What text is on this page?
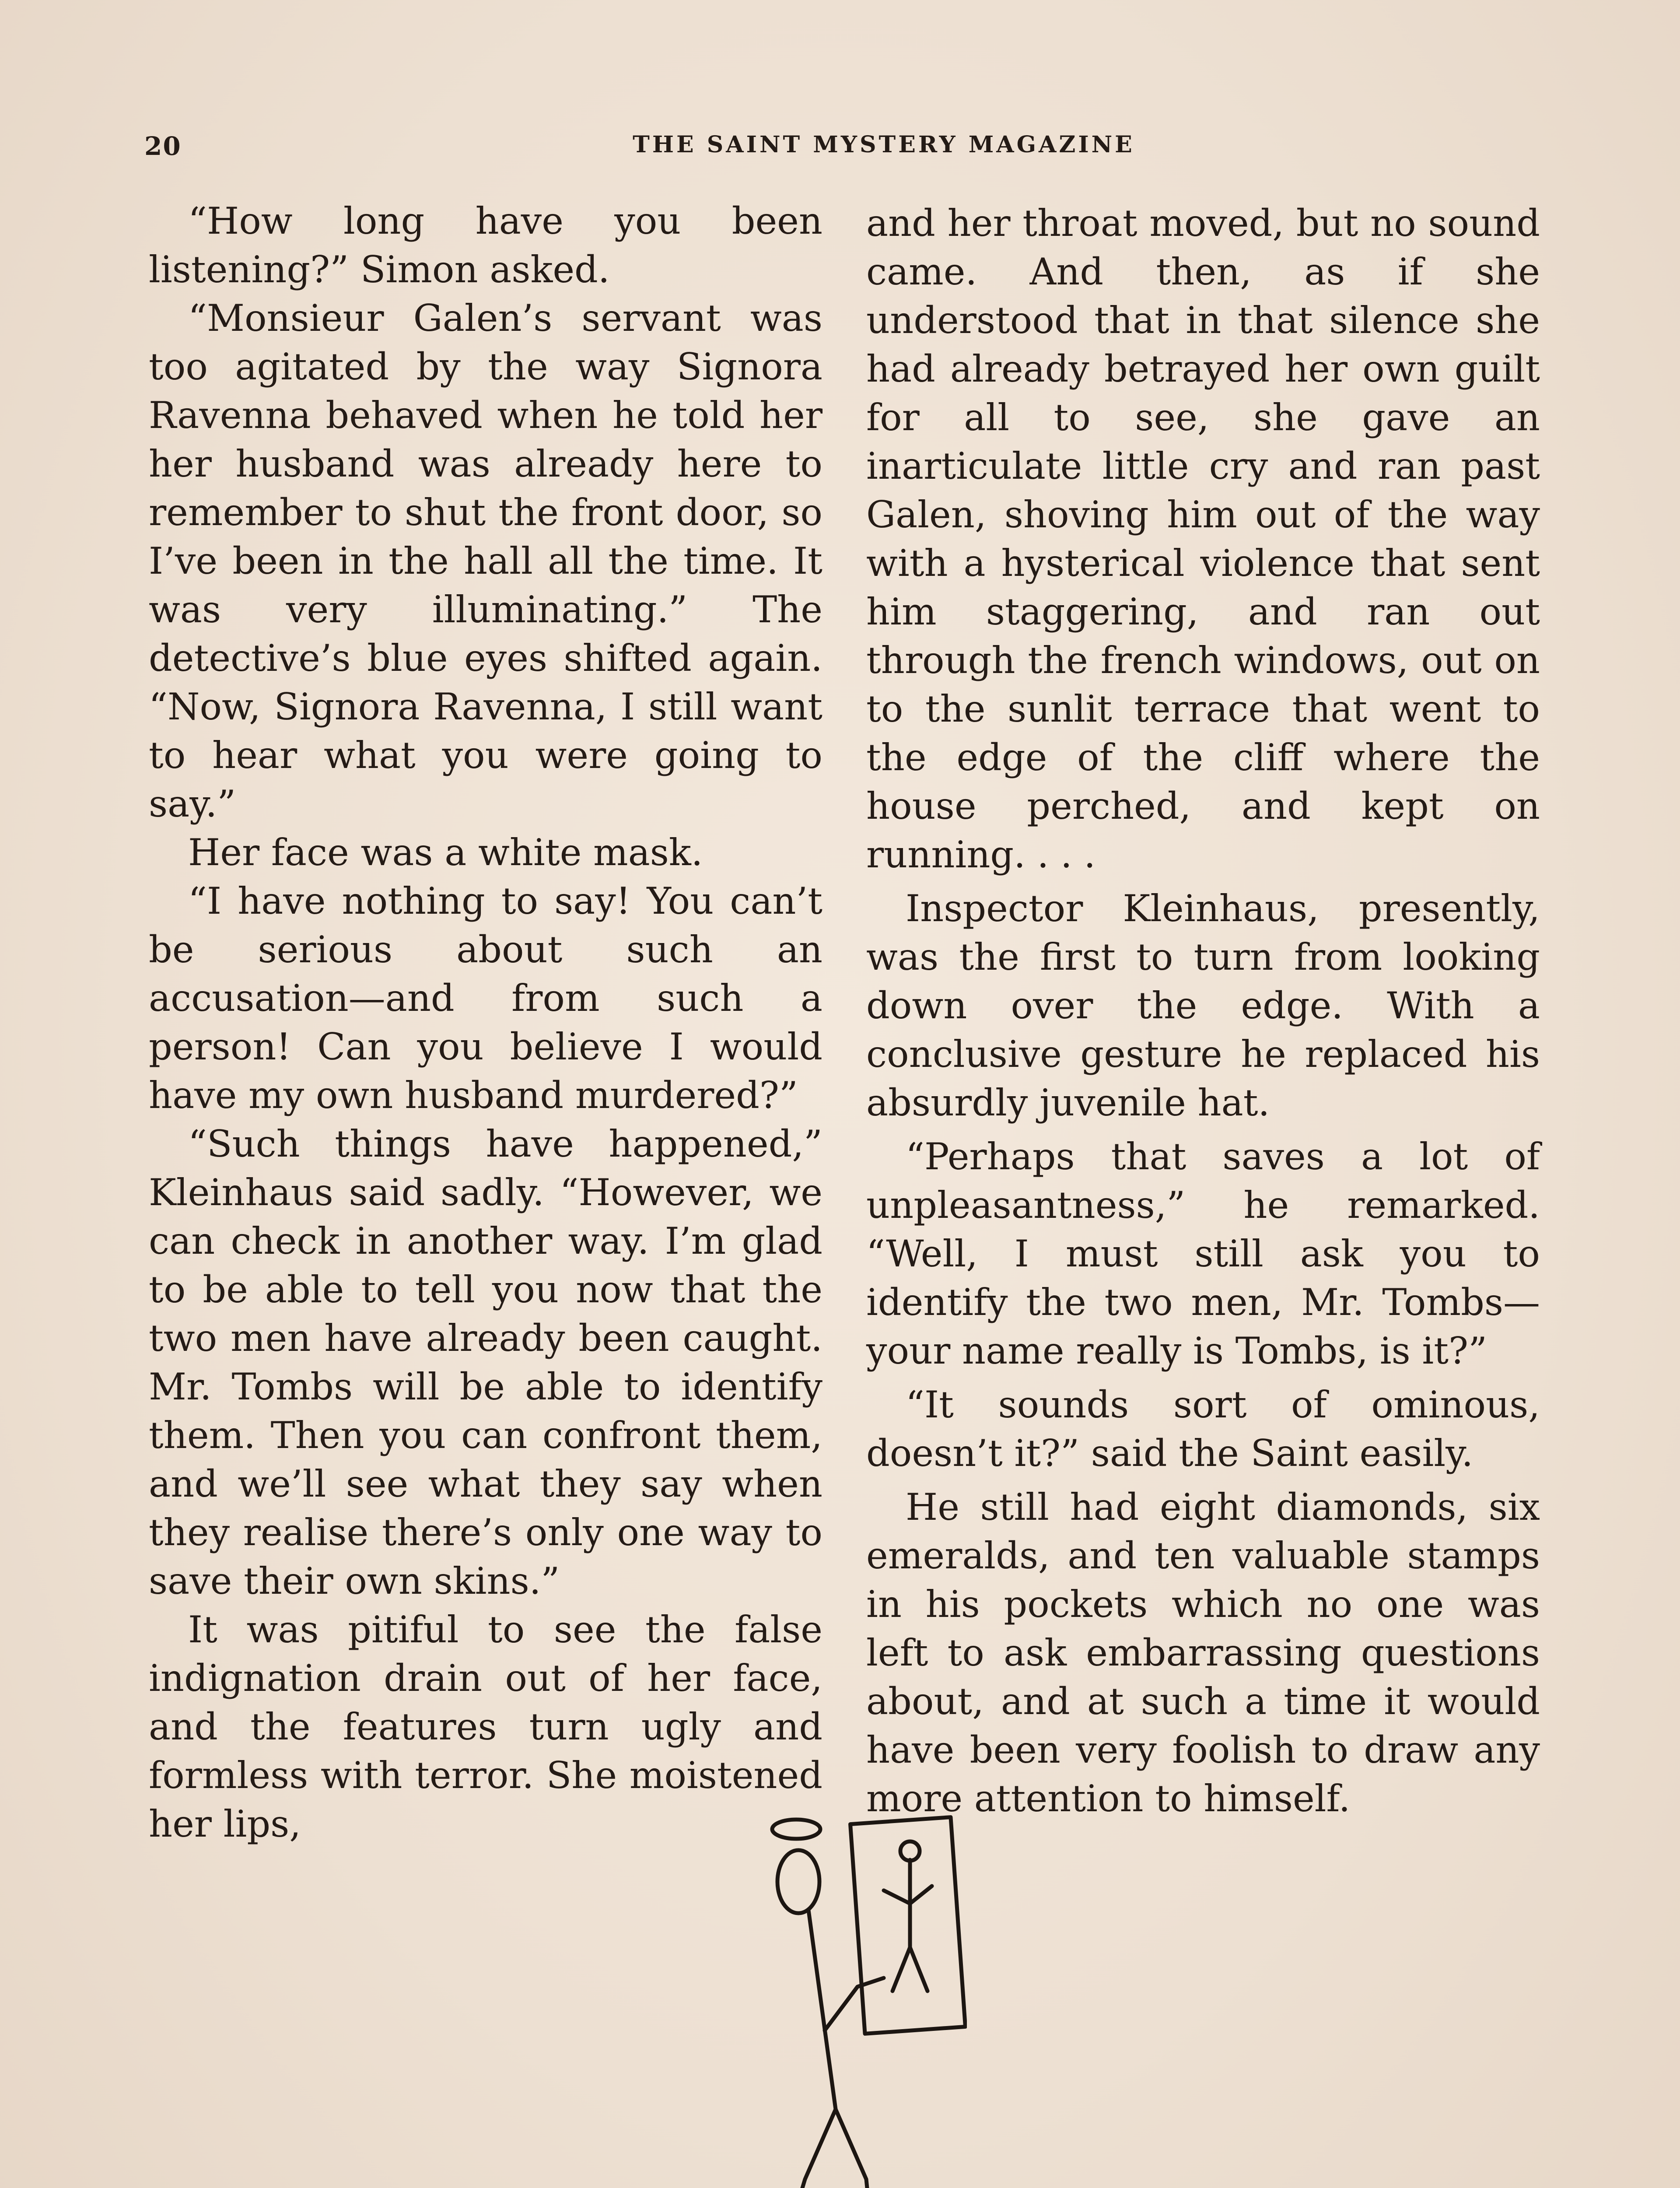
20	THE SAINT MYSTERY MAGAZINE

“How long have you been listening?” Simon asked.

“Monsieur Galen’s servant was too agitated by the way Signora Ravenna behaved when he told her her husband was already here to remember to shut the front door, so I’ve been in the hall all the time. It was very illuminating.” The detective’s blue eyes shifted again. “Now, Signora Ravenna, I still want to hear what you were going to say.”

Her face was a white mask.

“I have nothing to say! You can’t be serious about such an accusation—and from such a person! Can you believe I would have my own husband murdered?”

“Such things have happened,” Kleinhaus said sadly. “However, we can check in another way. I’m glad to be able to tell you now that the two men have already been caught. Mr. Tombs will be able to identify them. Then you can confront them, and we’ll see what they say when they realise there’s only one way to save their own skins.”

It was pitiful to see the false indignation drain out of her face, and the features turn ugly and formless with terror. She moistened her lips,

and her throat moved, but no sound came. And then, as if she understood that in that silence she had already betrayed her own guilt for all to see, she gave an inarticulate little cry and ran past Galen, shoving him out of the way with a hysterical violence that sent him staggering, and ran out through the french windows, out on to the sunlit terrace that went to the edge of the cliff where the house perched, and kept on running. . . .

Inspector Kleinhaus, presently, was the first to turn from looking down over the edge. With a conclusive gesture he replaced his absurdly juvenile hat.

“Perhaps that saves a lot of unpleasantness,” he remarked. “Well, I must still ask you to identify the two men, Mr. Tombs—your name really is Tombs, is it?”

“It sounds sort of ominous, doesn’t it?” said the Saint easily.

He still had eight diamonds, six emeralds, and ten valuable stamps in his pockets which no one was left to ask embarrassing questions about, and at such a time it would have been very foolish to draw any more attention to himself.
